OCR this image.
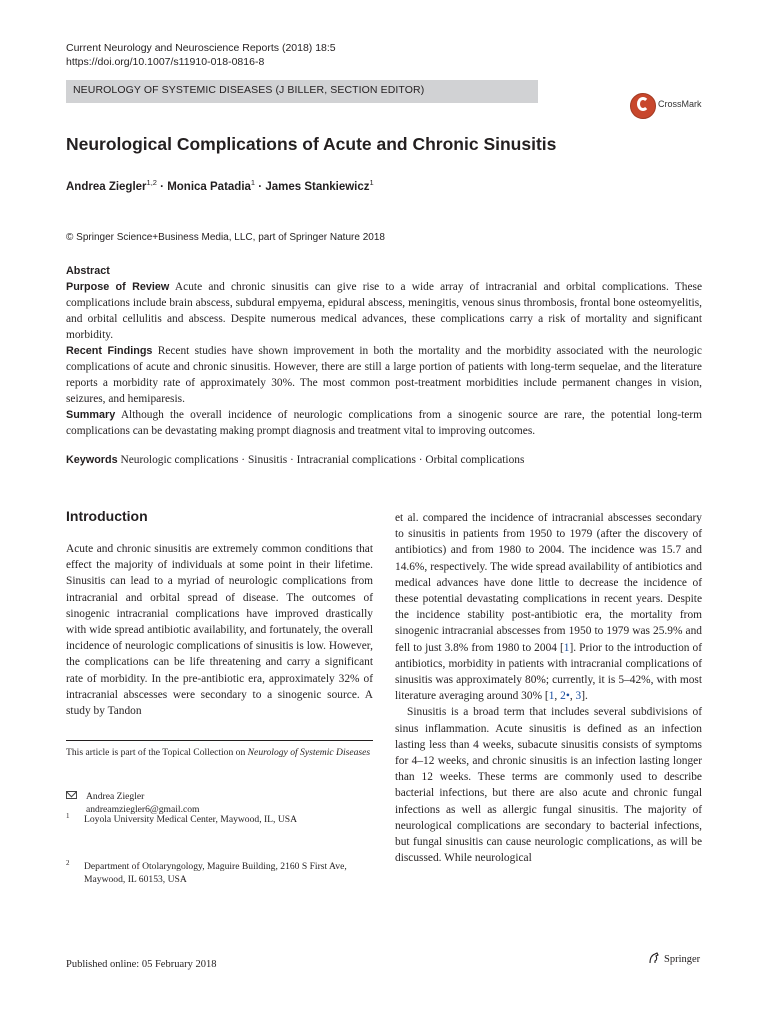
Current Neurology and Neuroscience Reports (2018) 18:5
https://doi.org/10.1007/s11910-018-0816-8
NEUROLOGY OF SYSTEMIC DISEASES (J BILLER, SECTION EDITOR)
CrossMark
Neurological Complications of Acute and Chronic Sinusitis
Andrea Ziegler$^{1,2}$ · Monica Patadia$^1$ · James Stankiewicz$^1$
© Springer Science+Business Media, LLC, part of Springer Nature 2018
Abstract

Purpose of Review Acute and chronic sinusitis can give rise to a wide array of intracranial and orbital complications. These complications include brain abscess, subdural empyema, epidural abscess, meningitis, venous sinus thrombosis, frontal bone osteomyelitis, and orbital cellulitis and abscess. Despite numerous medical advances, these complications carry a risk of mortality and significant morbidity.

Recent Findings Recent studies have shown improvement in both the mortality and the morbidity associated with the neurologic complications of acute and chronic sinusitis. However, there are still a large portion of patients with long-term sequelae, and the literature reports a morbidity rate of approximately 30%. The most common post-treatment morbidities include permanent changes in vision, seizures, and hemiparesis.

Summary Although the overall incidence of neurologic complications from a sinogenic source are rare, the potential long-term complications can be devastating making prompt diagnosis and treatment vital to improving outcomes.

Keywords Neurologic complications · Sinusitis · Intracranial complications · Orbital complications
Introduction

Acute and chronic sinusitis are extremely common conditions that effect the majority of individuals at some point in their lifetime. Sinusitis can lead to a myriad of neurologic complications from intracranial and orbital spread of disease. The outcomes of sinogenic intracranial complications have improved drastically with wide spread antibiotic availability, and fortunately, the overall incidence of neurologic complications of sinusitis is low. However, the complications can be life threatening and carry a significant rate of morbidity. In the pre-antibiotic era, approximately 32% of intracranial abscesses were secondary to a sinogenic source. A study by Tandon

et al. compared the incidence of intracranial abscesses secondary to sinusitis in patients from 1950 to 1979 (after the discovery of antibiotics) and from 1980 to 2004. The incidence was 15.7 and 14.6%, respectively. The wide spread availability of antibiotics and medical advances have done little to decrease the incidence of these potential devastating complications in recent years. Despite the incidence stability post-antibiotic era, the mortality from sinogenic intracranial abscesses from 1950 to 1979 was 25.9% and fell to just 3.8% from 1980 to 2004 [1]. Prior to the introduction of antibiotics, morbidity in patients with intracranial complications of sinusitis was approximately 80%; currently, it is 5–42%, with most literature averaging around 30% [1, 2•, 3].

Sinusitis is a broad term that includes several subdivisions of sinus inflammation. Acute sinusitis is defined as an infection lasting less than 4 weeks, subacute sinusitis consists of symptoms for 4–12 weeks, and chronic sinusitis is an infection lasting longer than 12 weeks. These terms are commonly used to describe bacterial infections, but there are also acute and chronic fungal infections as well as allergic fungal sinusitis. The majority of neurological complications are secondary to bacterial infections, but fungal sinusitis can cause neurologic complications, as will be discussed. While neurological

This article is part of the Topical Collection on Neurology of Systemic Diseases
Andrea Ziegler
andreamziegler6@gmail.com
1 Loyola University Medical Center, Maywood, IL, USA
2 Department of Otolaryngology, Maguire Building, 2160 S First Ave, Maywood, IL 60153, USA
Published online: 05 February 2018	Springer
